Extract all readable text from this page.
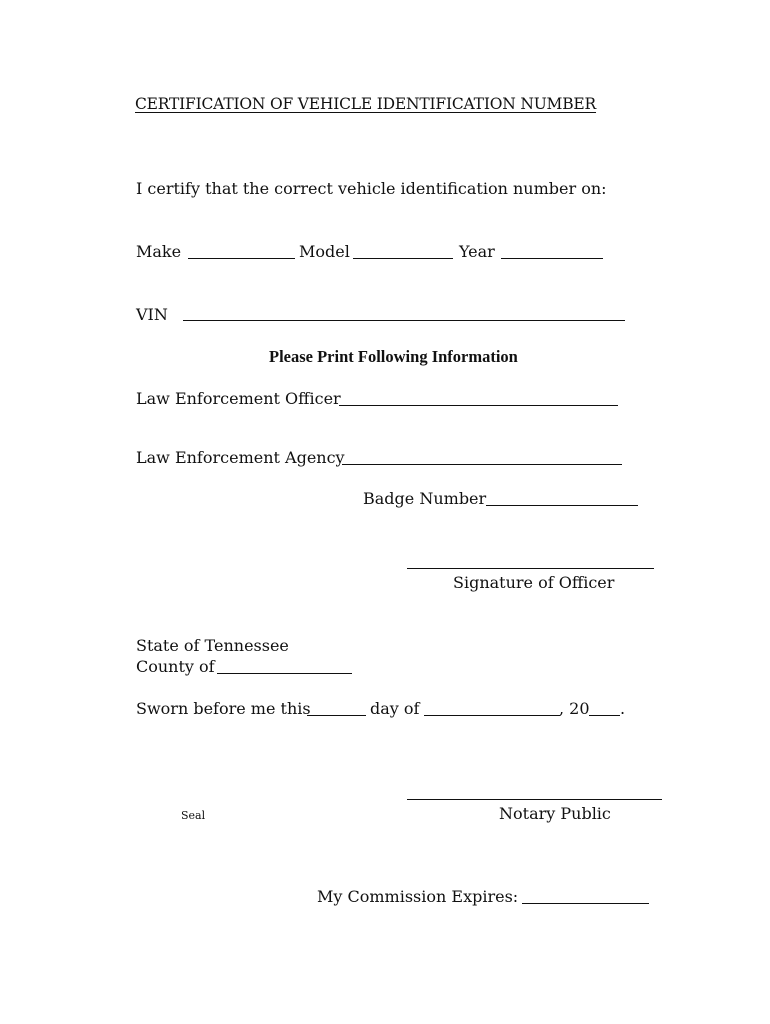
CERTIFICATION OF VEHICLE IDENTIFICATION NUMBER
I certify that the correct vehicle identification number on:
Make	Model	Year
VIN
Please Print Following Information
Law Enforcement Officer
Law Enforcement Agency
Badge Number
Signature of Officer
State of Tennessee
County of
Sworn before me this	day of	, 20 .
Seal	Notary Public
My Commission Expires:
